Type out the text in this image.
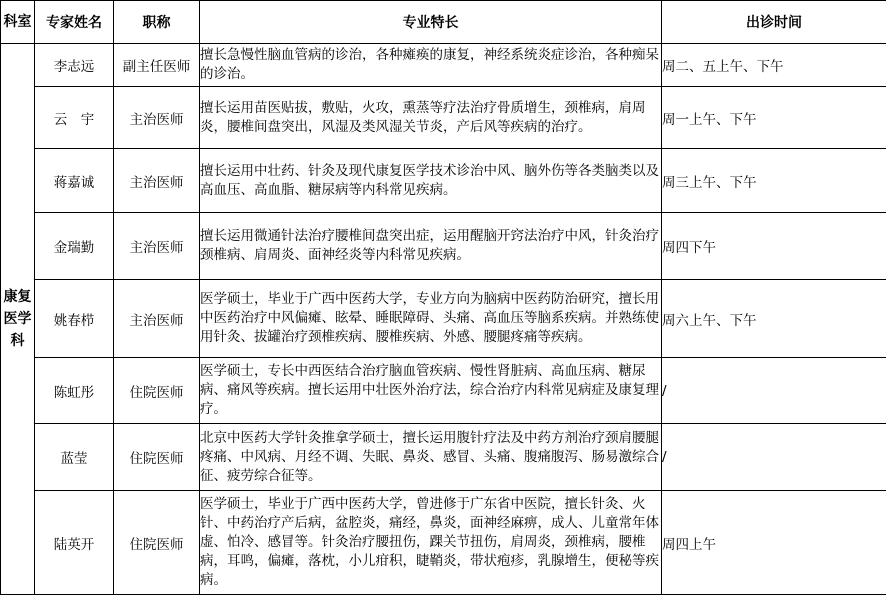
科室	专家姓名	职称	专业特长	出诊时间
康复医学科	李志远	副主任医师	擅长急慢性脑血管病的诊治，各种瘫痪的康复，神经系统炎症诊治，各种痴呆的诊治。	周二、五上午、下午
	云　宇	主治医师	擅长运用苗医贴拔，敷贴，火攻，熏蒸等疗法治疗骨质增生，颈椎病，肩周炎，腰椎间盘突出，风湿及类风湿关节炎，产后风等疾病的治疗。	周一上午、下午
	蒋嘉诚	主治医师	擅长运用中壮药、针灸及现代康复医学技术诊治中风、脑外伤等各类脑类以及高血压、高血脂、糖尿病等内科常见疾病。	周三上午、下午
	金瑞勤	主治医师	擅长运用微通针法治疗腰椎间盘突出症，运用醒脑开窍法治疗中风，针灸治疗颈椎病、肩周炎、面神经炎等内科常见疾病。	周四下午
	姚春栉	主治医师	医学硕士，毕业于广西中医药大学，专业方向为脑病中医药防治研究，擅长用中医药治疗中风偏瘫、眩晕、睡眠障碍、头痛、高血压等脑系疾病。并熟练使用针灸、拔罐治疗颈椎疾病、腰椎疾病、外感、腰腿疼痛等疾病。	周六上午、下午
	陈虹彤	住院医师	医学硕士，专长中西医结合治疗脑血管疾病、慢性肾脏病、高血压病、糖尿病、痛风等疾病。擅长运用中壮医外治疗法，综合治疗内科常见病症及康复理疗。	/
	蓝莹	住院医师	北京中医药大学针灸推拿学硕士，擅长运用腹针疗法及中药方剂治疗颈肩腰腿疼痛、中风病、月经不调、失眠、鼻炎、感冒、头痛、腹痛腹泻、肠易激综合征、疲劳综合征等。	/
	陆英开	住院医师	医学硕士，毕业于广西中医药大学，曾进修于广东省中医院，擅长针灸、火针、中药治疗产后病，盆腔炎，痛经，鼻炎，面神经麻痹，成人、儿童常年体虚、怕冷、感冒等。针灸治疗腰扭伤，踝关节扭伤，肩周炎，颈椎病，腰椎病，耳鸣，偏瘫，落枕，小儿疳积，睫鞘炎，带状疱疹，乳腺增生，便秘等疾病。	周四上午
